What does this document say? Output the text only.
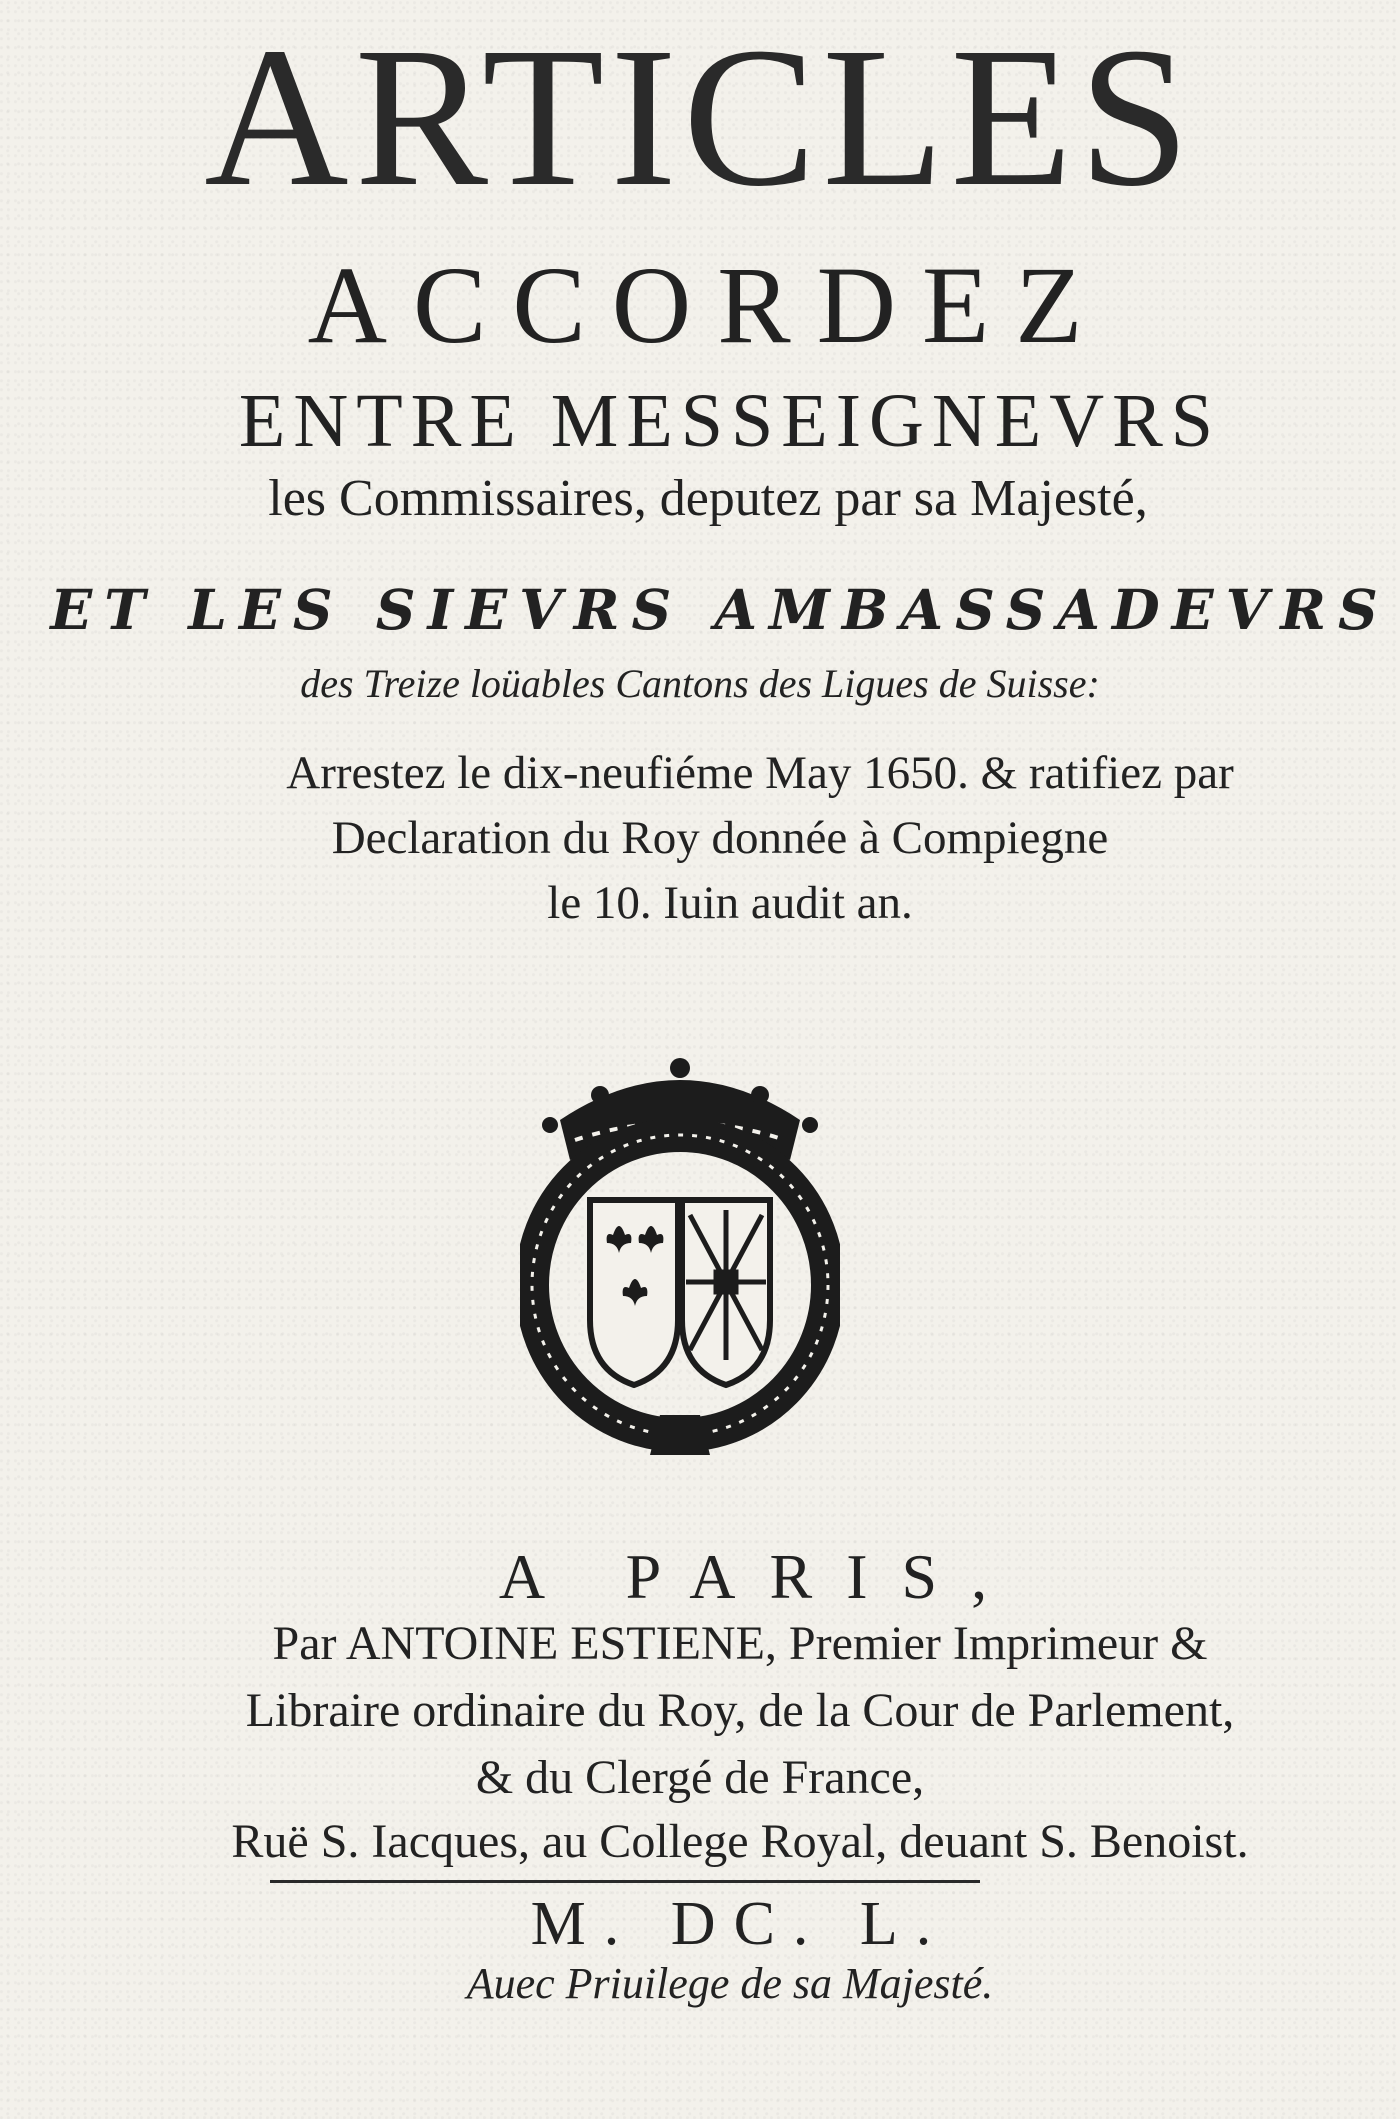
ARTICLES
ACCORDEZ
ENTRE MESSEIGNEVRS
les Commissaires, deputez par sa Majesté,
ET LES SIEVRS AMBASSADEVRS
des Treize loüables Cantons des Ligues de Suisse:
Arrestez le dix-neufiéme May 1650. & ratifiez par
Declaration du Roy donnée à Compiegne
le 10. Iuin audit an.
A PARIS,
Par ANTOINE ESTIENE, Premier Imprimeur &
Libraire ordinaire du Roy, de la Cour de Parlement,
& du Clergé de France,
Ruë S. Iacques, au College Royal, deuant S. Benoist.
M. DC. L.
Auec Priuilege de sa Majesté.
